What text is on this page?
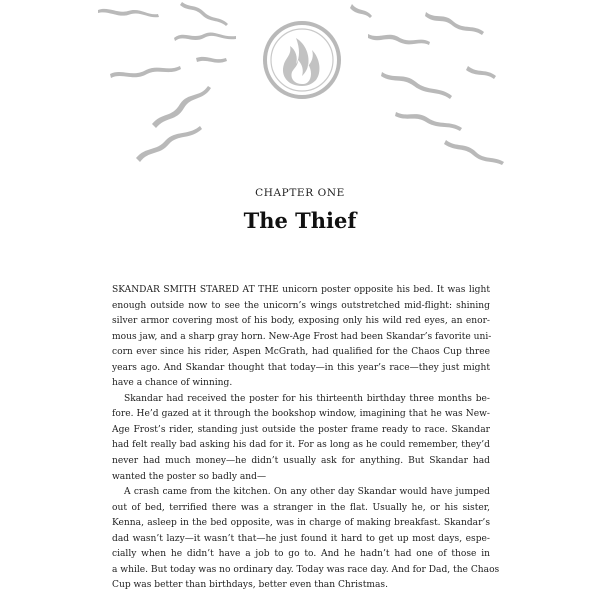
CHAPTER ONE
The Thief
SKANDAR SMITH STARED AT THE unicorn poster opposite his bed. It was light
enough outside now to see the unicorn’s wings outstretched mid-flight: shining
silver armor covering most of his body, exposing only his wild red eyes, an enor-
mous jaw, and a sharp gray horn. New-Age Frost had been Skandar’s favorite uni-
corn ever since his rider, Aspen McGrath, had qualified for the Chaos Cup three
years ago. And Skandar thought that today—in this year’s race—they just might
have a chance of winning.
Skandar had received the poster for his thirteenth birthday three months be-
fore. He’d gazed at it through the bookshop window, imagining that he was New-
Age Frost’s rider, standing just outside the poster frame ready to race. Skandar
had felt really bad asking his dad for it. For as long as he could remember, they’d
never had much money—he didn’t usually ask for anything. But Skandar had
wanted the poster so badly and—
A crash came from the kitchen. On any other day Skandar would have jumped
out of bed, terrified there was a stranger in the flat. Usually he, or his sister,
Kenna, asleep in the bed opposite, was in charge of making breakfast. Skandar’s
dad wasn’t lazy—it wasn’t that—he just found it hard to get up most days, espe-
cially when he didn’t have a job to go to. And he hadn’t had one of those in
a while. But today was no ordinary day. Today was race day. And for Dad, the Chaos
Cup was better than birthdays, better even than Christmas.
